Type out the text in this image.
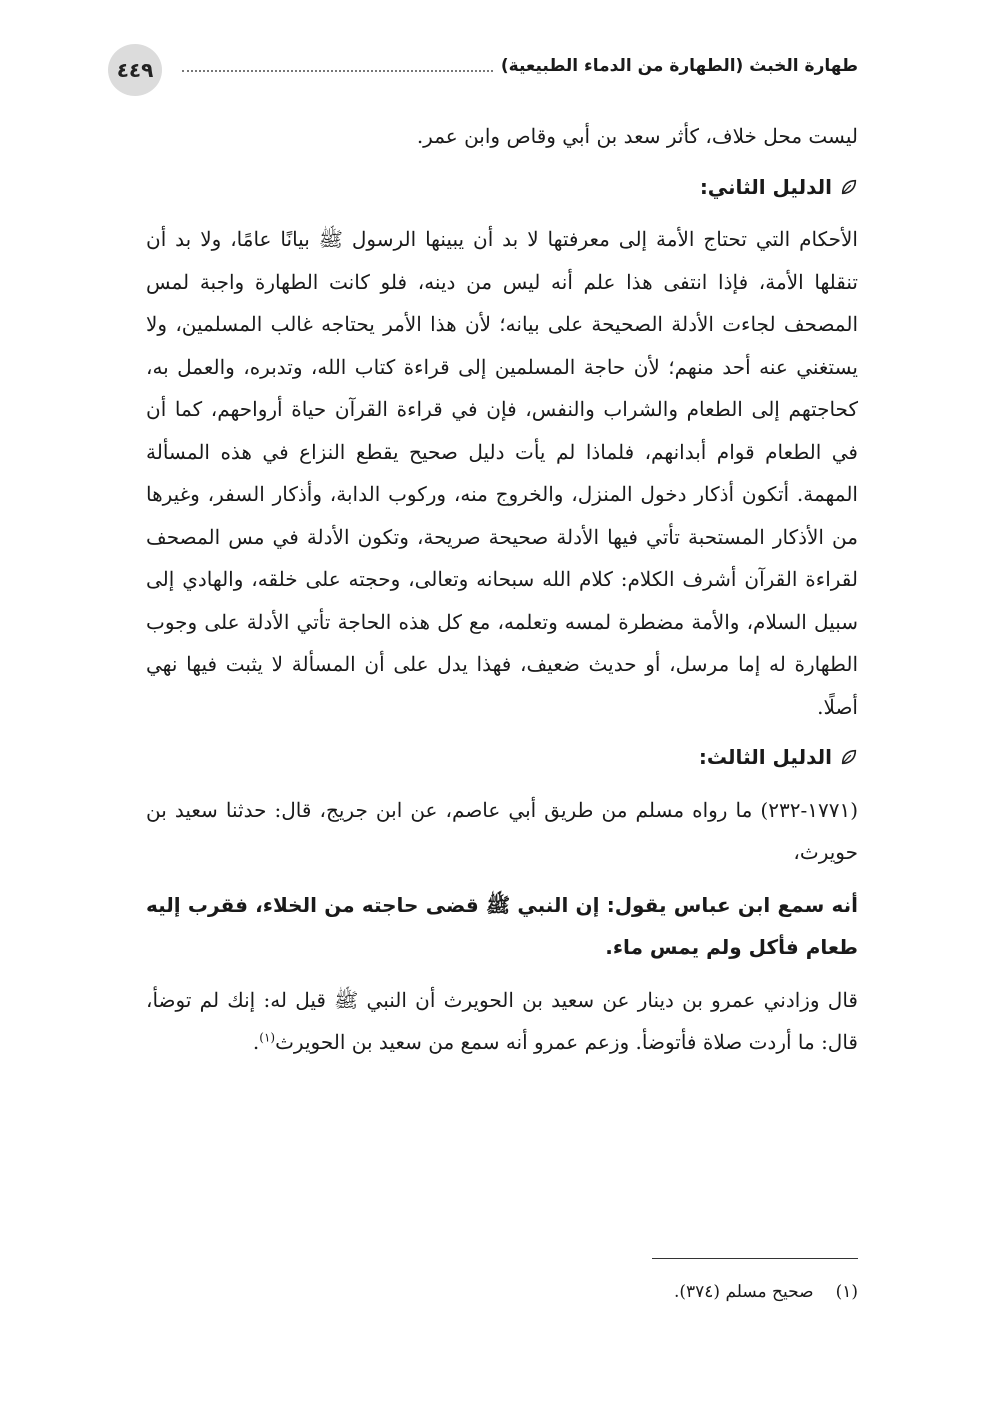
٤٤٩	طهارة الخبث (الطهارة من الدماء الطبيعية)

ليست محل خلاف، كأثر سعد بن أبي وقاص وابن عمر.

الدليل الثاني:

الأحكام التي تحتاج الأمة إلى معرفتها لا بد أن يبينها الرسول ﷺ بيانًا عامًا، ولا بد أن تنقلها الأمة، فإذا انتفى هذا علم أنه ليس من دينه، فلو كانت الطهارة واجبة لمس المصحف لجاءت الأدلة الصحيحة على بيانه؛ لأن هذا الأمر يحتاجه غالب المسلمين، ولا يستغني عنه أحد منهم؛ لأن حاجة المسلمين إلى قراءة كتاب الله، وتدبره، والعمل به، كحاجتهم إلى الطعام والشراب والنفس، فإن في قراءة القرآن حياة أرواحهم، كما أن في الطعام قوام أبدانهم، فلماذا لم يأت دليل صحيح يقطع النزاع في هذه المسألة المهمة. أتكون أذكار دخول المنزل، والخروج منه، وركوب الدابة، وأذكار السفر، وغيرها من الأذكار المستحبة تأتي فيها الأدلة صحيحة صريحة، وتكون الأدلة في مس المصحف لقراءة القرآن أشرف الكلام: كلام الله سبحانه وتعالى، وحجته على خلقه، والهادي إلى سبيل السلام، والأمة مضطرة لمسه وتعلمه، مع كل هذه الحاجة تأتي الأدلة على وجوب الطهارة له إما مرسل، أو حديث ضعيف، فهذا يدل على أن المسألة لا يثبت فيها نهي أصلًا.

الدليل الثالث:

(١٧٧١-٢٣٢) ما رواه مسلم من طريق أبي عاصم، عن ابن جريج، قال: حدثنا سعيد بن حويرث،

أنه سمع ابن عباس يقول: إن النبي ﷺ قضى حاجته من الخلاء، فقرب إليه طعام فأكل ولم يمس ماء.

قال وزادني عمرو بن دينار عن سعيد بن الحويرث أن النبي ﷺ قيل له: إنك لم توضأ، قال: ما أردت صلاة فأتوضأ. وزعم عمرو أنه سمع من سعيد بن الحويرث$^{(١)}$.

(١)صحيح مسلم (٣٧٤).
